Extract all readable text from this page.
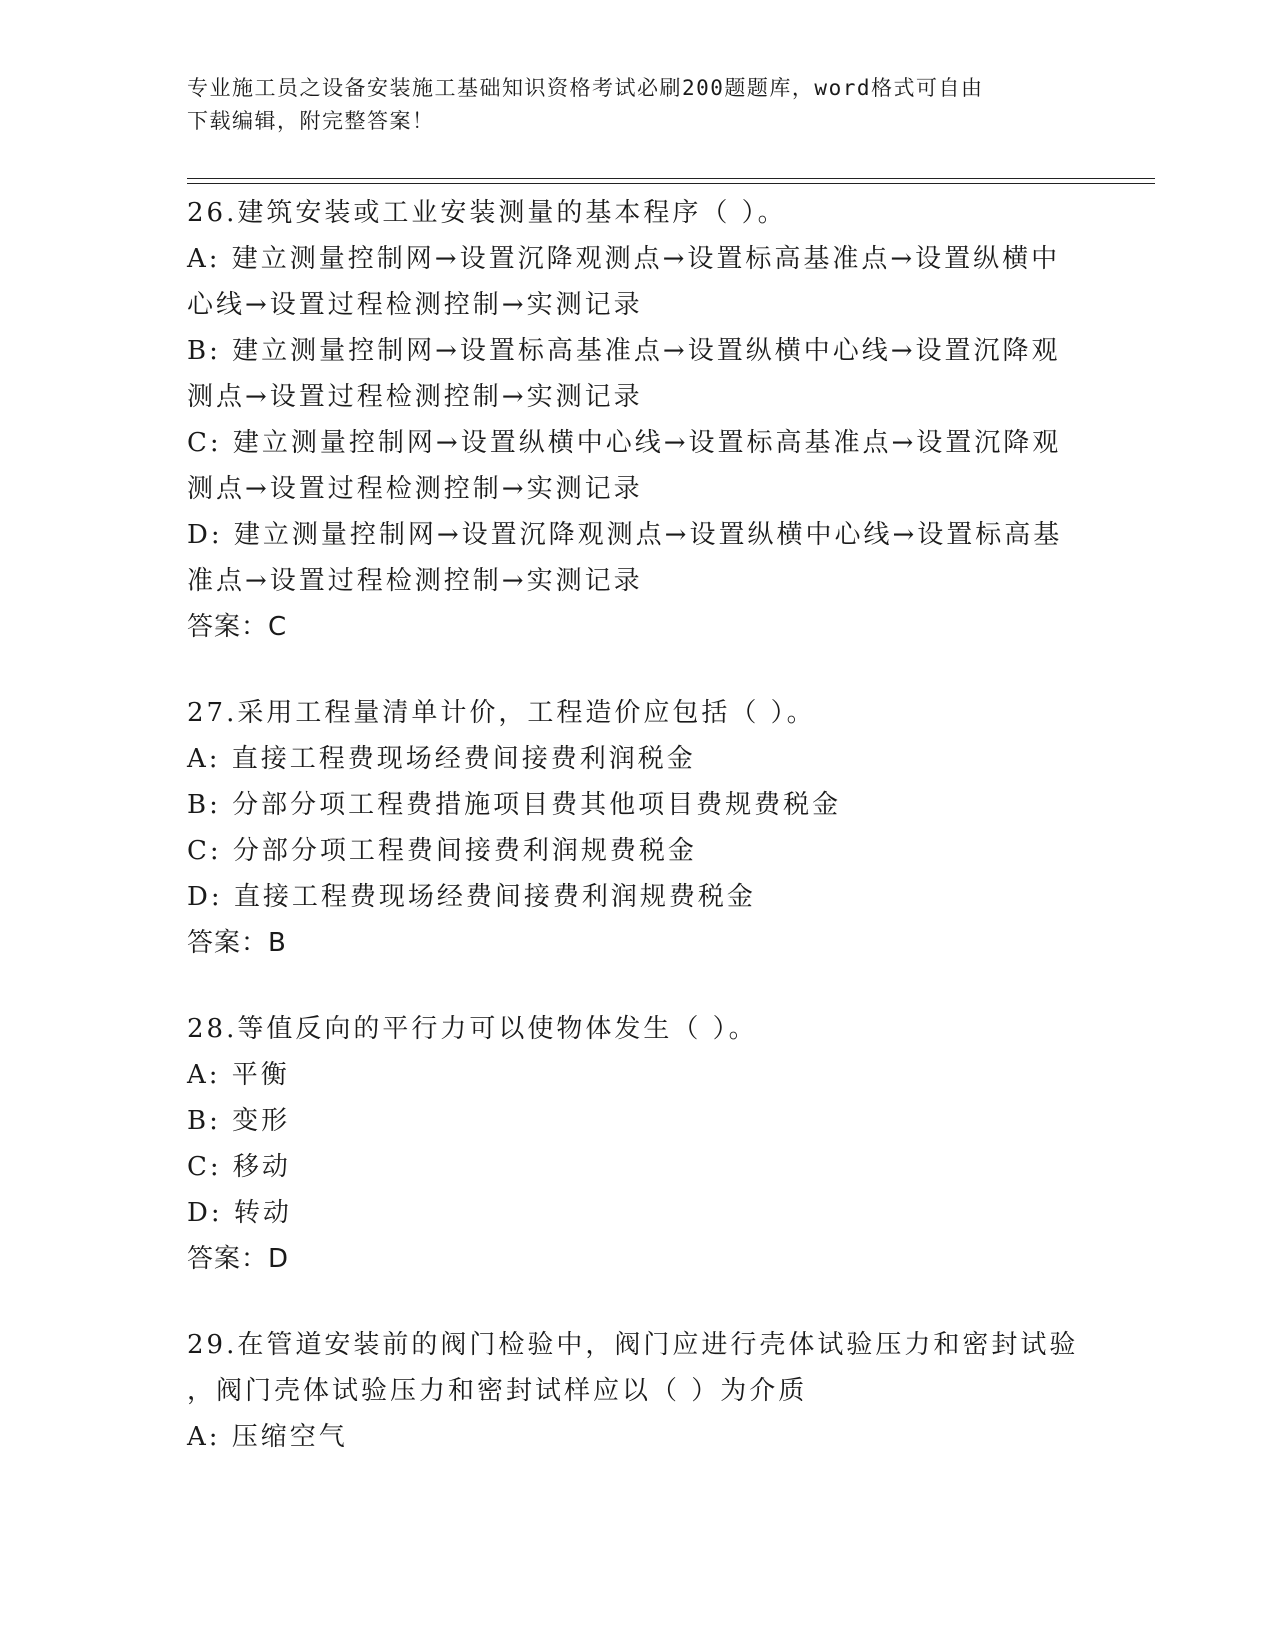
专业施工员之设备安装施工基础知识资格考试必刷200题题库，word格式可自由
下载编辑，附完整答案！
26.建筑安装或工业安装测量的基本程序（ ）。
A: 建立测量控制网→设置沉降观测点→设置标高基准点→设置纵横中
心线→设置过程检测控制→实测记录
B: 建立测量控制网→设置标高基准点→设置纵横中心线→设置沉降观
测点→设置过程检测控制→实测记录
C: 建立测量控制网→设置纵横中心线→设置标高基准点→设置沉降观
测点→设置过程检测控制→实测记录
D: 建立测量控制网→设置沉降观测点→设置纵横中心线→设置标高基
准点→设置过程检测控制→实测记录
答案：C
27.采用工程量清单计价，工程造价应包括（ ）。
A: 直接工程费现场经费间接费利润税金
B: 分部分项工程费措施项目费其他项目费规费税金
C: 分部分项工程费间接费利润规费税金
D: 直接工程费现场经费间接费利润规费税金
答案：B
28.等值反向的平行力可以使物体发生（ ）。
A: 平衡
B: 变形
C: 移动
D: 转动
答案：D
29.在管道安装前的阀门检验中，阀门应进行壳体试验压力和密封试验
，阀门壳体试验压力和密封试样应以（ ）为介质
A: 压缩空气
